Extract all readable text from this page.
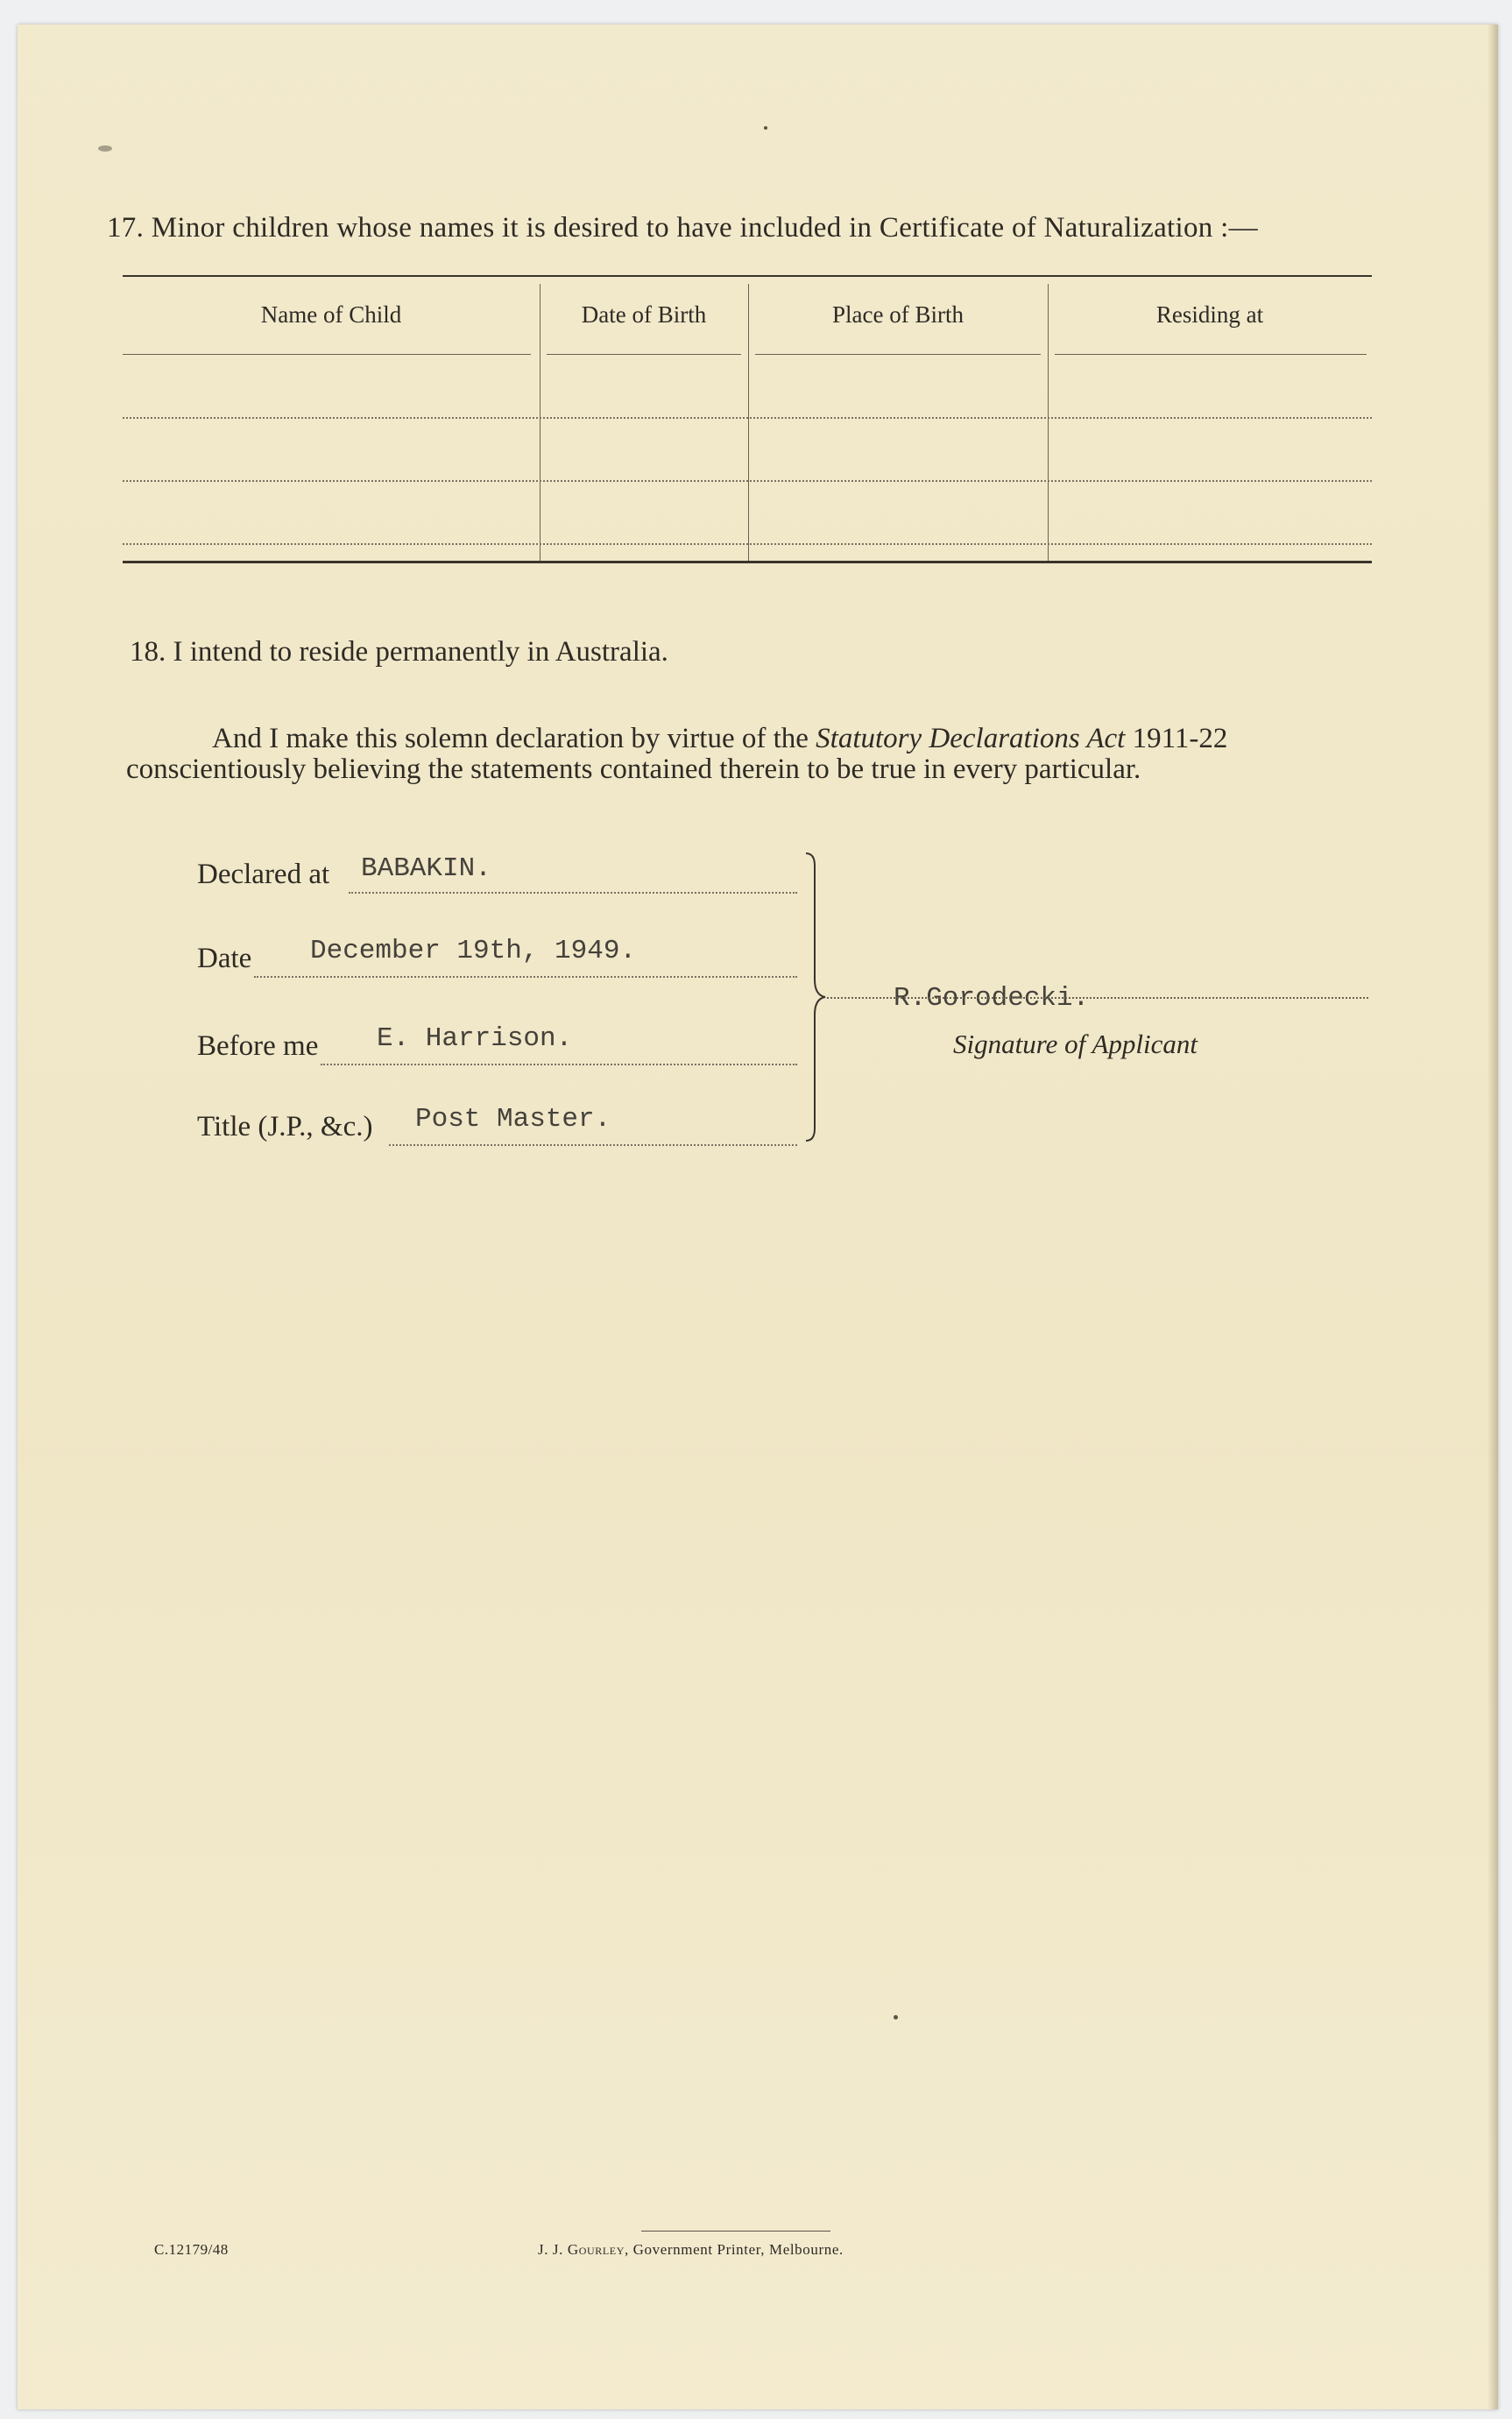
17. Minor children whose names it is desired to have included in Certificate of Naturalization :—
Name of Child	Date of Birth	Place of Birth	Residing at
18. I intend to reside permanently in Australia.
And I make this solemn declaration by virtue of the Statutory Declarations Act 1911-22
conscientiously believing the statements contained therein to be true in every particular.
Declared at BABAKIN.
Date December 19th, 1949.
Before me E. Harrison.
Title (J.P., &c.) Post Master.
R.Gorodecki.
Signature of Applicant
C.12179/48	J. J. Gourley, Government Printer, Melbourne.
